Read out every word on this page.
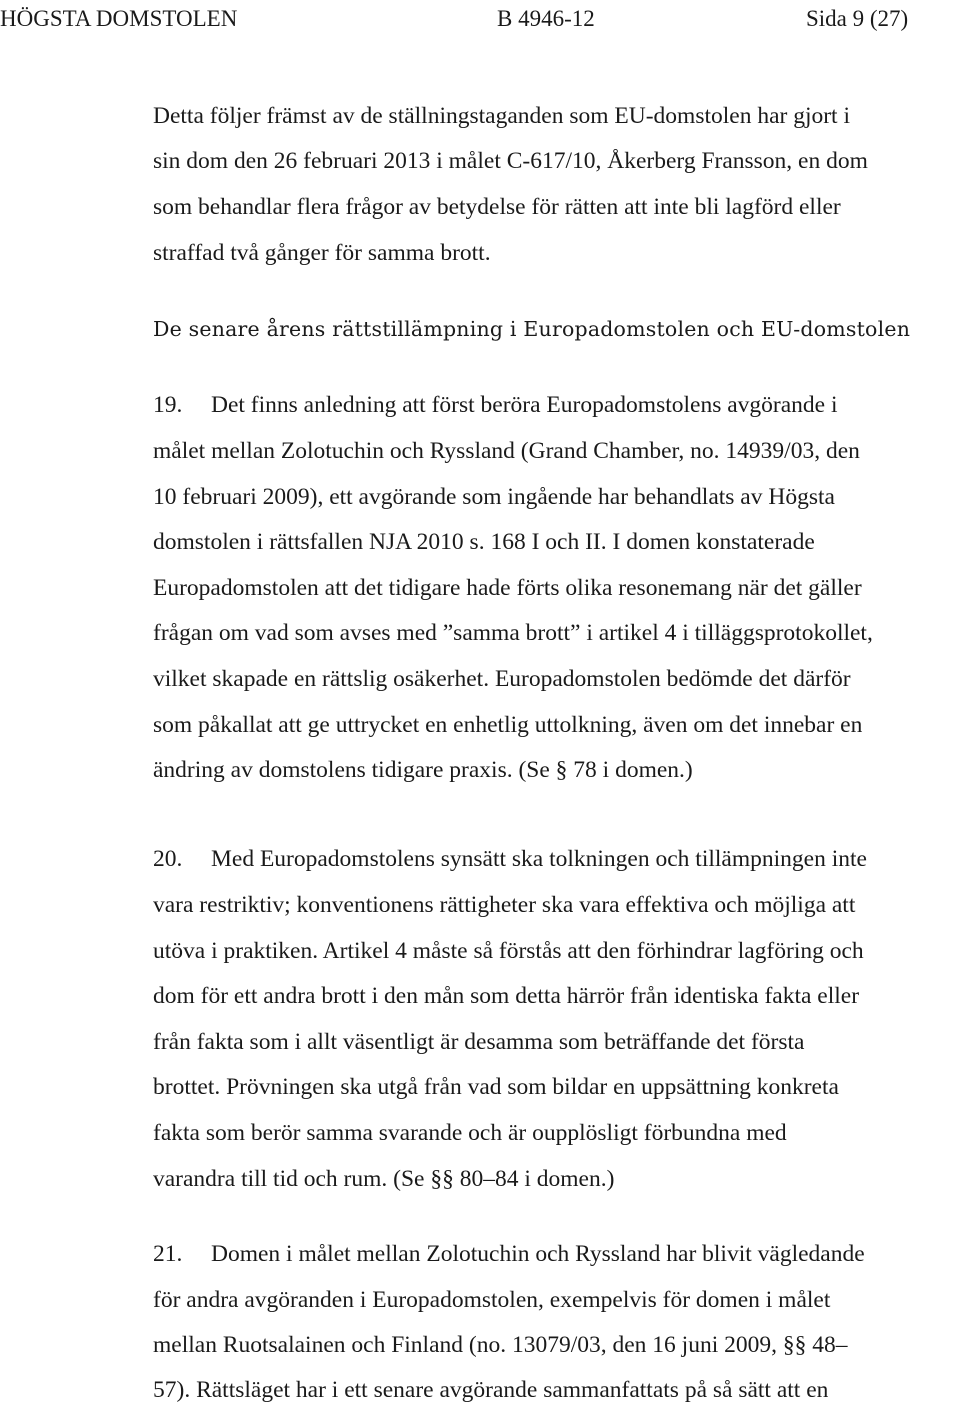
HÖGSTA DOMSTOLEN	B 4946-12	Sida 9 (27)
Detta följer främst av de ställningstaganden som EU-domstolen har gjort i
sin dom den 26 februari 2013 i målet C-617/10, Åkerberg Fransson, en dom
som behandlar flera frågor av betydelse för rätten att inte bli lagförd eller
straffad två gånger för samma brott.
De senare årens rättstillämpning i Europadomstolen och EU-domstolen
19. Det finns anledning att först beröra Europadomstolens avgörande i
målet mellan Zolotuchin och Ryssland (Grand Chamber, no. 14939/03, den
10 februari 2009), ett avgörande som ingående har behandlats av Högsta
domstolen i rättsfallen NJA 2010 s. 168 I och II. I domen konstaterade
Europadomstolen att det tidigare hade förts olika resonemang när det gäller
frågan om vad som avses med ”samma brott” i artikel 4 i tilläggsprotokollet,
vilket skapade en rättslig osäkerhet. Europadomstolen bedömde det därför
som påkallat att ge uttrycket en enhetlig uttolkning, även om det innebar en
ändring av domstolens tidigare praxis. (Se § 78 i domen.)
20. Med Europadomstolens synsätt ska tolkningen och tillämpningen inte
vara restriktiv; konventionens rättigheter ska vara effektiva och möjliga att
utöva i praktiken. Artikel 4 måste så förstås att den förhindrar lagföring och
dom för ett andra brott i den mån som detta härrör från identiska fakta eller
från fakta som i allt väsentligt är desamma som beträffande det första
brottet. Prövningen ska utgå från vad som bildar en uppsättning konkreta
fakta som berör samma svarande och är oupplösligt förbundna med
varandra till tid och rum. (Se §§ 80–84 i domen.)
21. Domen i målet mellan Zolotuchin och Ryssland har blivit vägledande
för andra avgöranden i Europadomstolen, exempelvis för domen i målet
mellan Ruotsalainen och Finland (no. 13079/03, den 16 juni 2009, §§ 48–
57). Rättsläget har i ett senare avgörande sammanfattats på så sätt att en
